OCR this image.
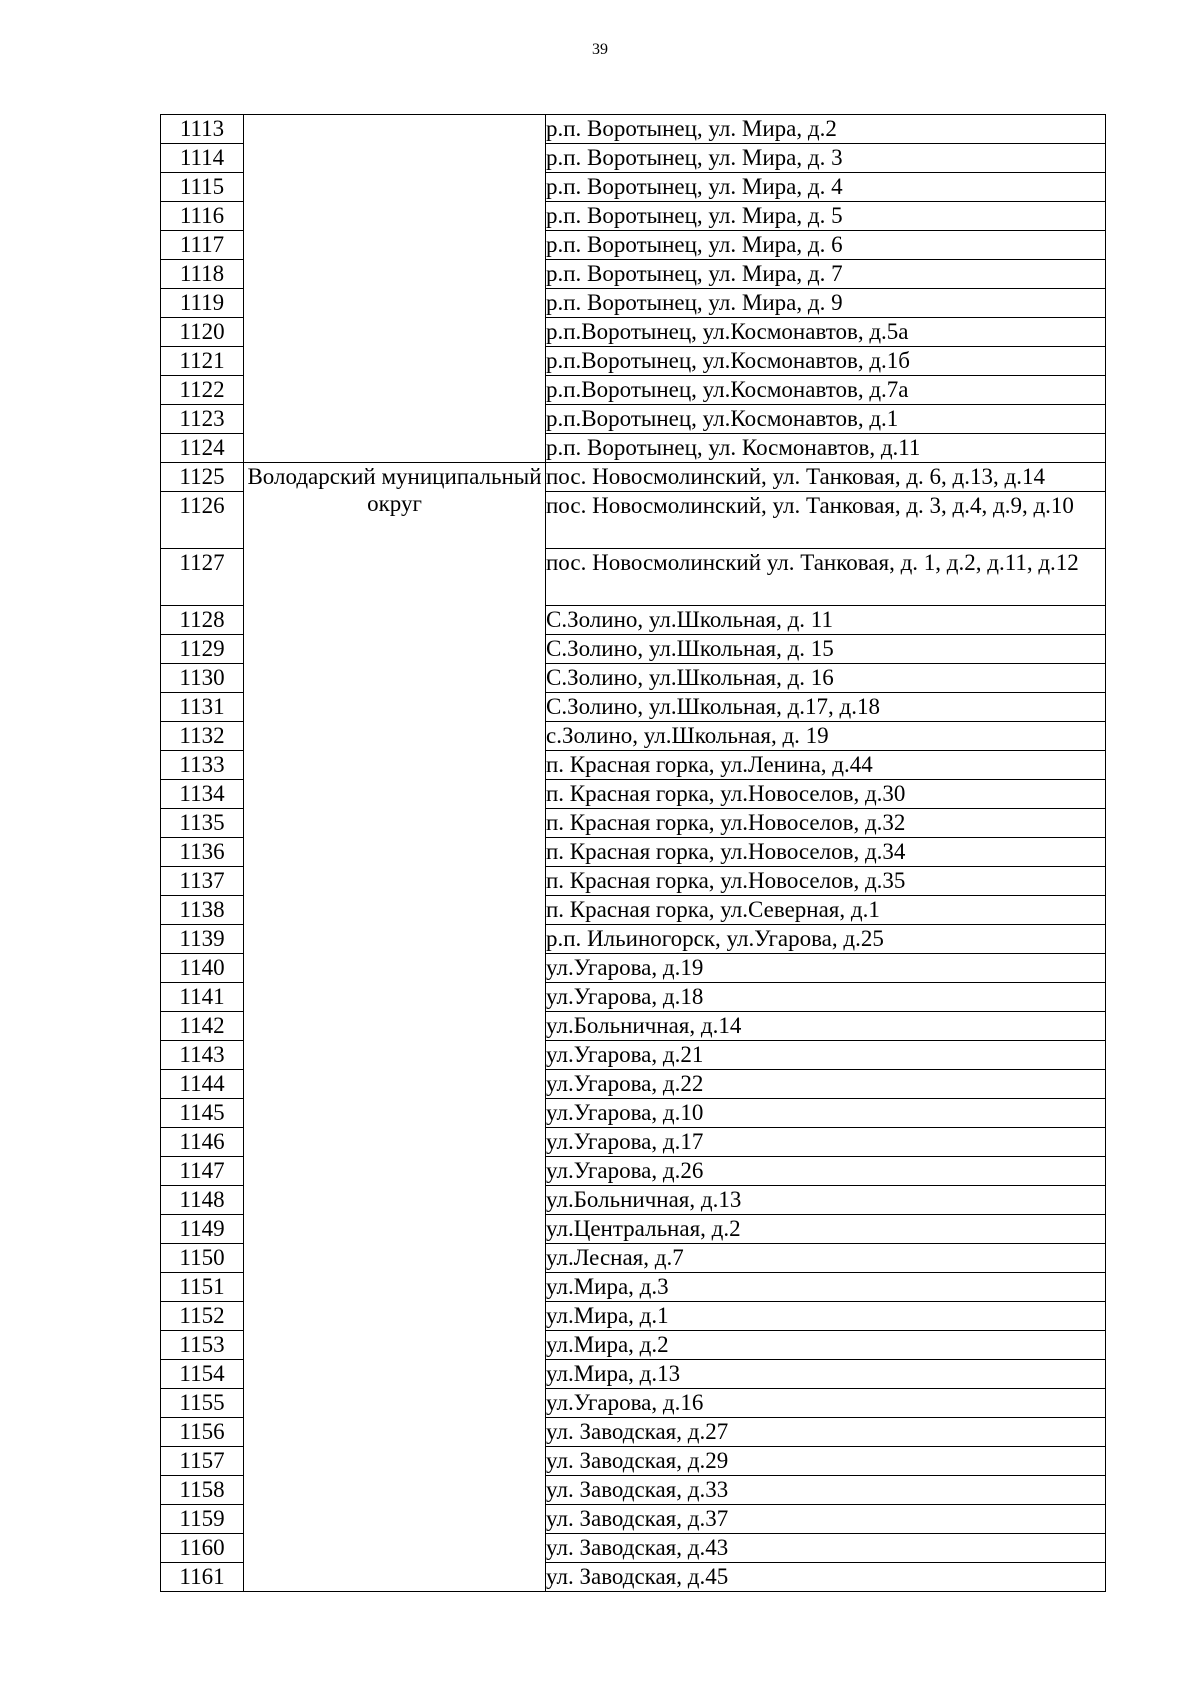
39
1113		р.п. Воротынец, ул. Мира, д.2
1114		р.п. Воротынец, ул. Мира, д. 3
1115		р.п. Воротынец, ул. Мира, д. 4
1116		р.п. Воротынец, ул. Мира, д. 5
1117		р.п. Воротынец, ул. Мира, д. 6
1118		р.п. Воротынец, ул. Мира, д. 7
1119		р.п. Воротынец, ул. Мира, д. 9
1120		р.п.Воротынец, ул.Космонавтов, д.5а
1121		р.п.Воротынец, ул.Космонавтов, д.1б
1122		р.п.Воротынец, ул.Космонавтов, д.7а
1123		р.п.Воротынец, ул.Космонавтов, д.1
1124		р.п. Воротынец, ул. Космонавтов, д.11
1125	Володарский муниципальный округ	пос. Новосмолинский, ул. Танковая, д. 6, д.13, д.14
1126		пос. Новосмолинский, ул. Танковая, д. 3, д.4, д.9, д.10
1127		пос. Новосмолинский ул. Танковая, д. 1, д.2, д.11, д.12
1128		С.Золино, ул.Школьная, д. 11
1129		С.Золино, ул.Школьная, д. 15
1130		С.Золино, ул.Школьная, д. 16
1131		С.Золино, ул.Школьная, д.17, д.18
1132		с.Золино, ул.Школьная, д. 19
1133		п. Красная горка, ул.Ленина, д.44
1134		п. Красная горка, ул.Новоселов, д.30
1135		п. Красная горка, ул.Новоселов, д.32
1136		п. Красная горка, ул.Новоселов, д.34
1137		п. Красная горка, ул.Новоселов, д.35
1138		п. Красная горка, ул.Северная, д.1
1139		р.п. Ильиногорск, ул.Угарова, д.25
1140		ул.Угарова, д.19
1141		ул.Угарова, д.18
1142		ул.Больничная, д.14
1143		ул.Угарова, д.21
1144		ул.Угарова, д.22
1145		ул.Угарова, д.10
1146		ул.Угарова, д.17
1147		ул.Угарова, д.26
1148		ул.Больничная, д.13
1149		ул.Центральная, д.2
1150		ул.Лесная, д.7
1151		ул.Мира, д.3
1152		ул.Мира, д.1
1153		ул.Мира, д.2
1154		ул.Мира, д.13
1155		ул.Угарова, д.16
1156		ул. Заводская, д.27
1157		ул. Заводская, д.29
1158		ул. Заводская, д.33
1159		ул. Заводская, д.37
1160		ул. Заводская, д.43
1161		ул. Заводская, д.45
